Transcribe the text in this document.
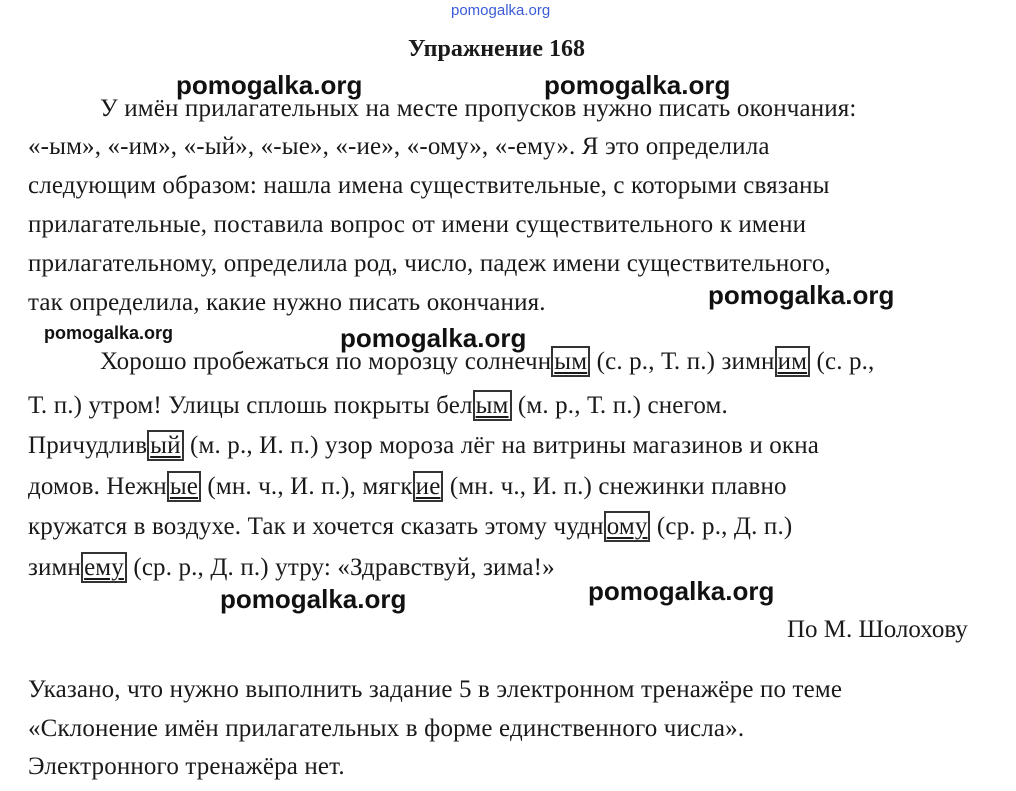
pomogalka.org
Упражнение 168
У имён прилагательных на месте пропусков нужно писать окончания:
«-ым», «-им», «-ый», «-ые», «-ие», «-ому», «-ему». Я это определила
следующим образом: нашла имена существительные, с которыми связаны
прилагательные, поставила вопрос от имени существительного к имени
прилагательному, определила род, число, падеж имени существительного,
так определила, какие нужно писать окончания.
Хорошо пробежаться по морозцу солнечн ым (с. р., Т. п.) зимн им (с. р.,
Т. п.) утром! Улицы сплошь покрыты бел ым (м. р., Т. п.) снегом.
Причудлив ый (м. р., И. п.) узор мороза лёг на витрины магазинов и окна
домов. Нежн ые (мн. ч., И. п.), мягк ие (мн. ч., И. п.) снежинки плавно
кружатся в воздухе. Так и хочется сказать этому чудн ому (ср. р., Д. п.)
зимн ему (ср. р., Д. п.) утру: «Здравствуй, зима!»
По М. Шолохову
Указано, что нужно выполнить задание 5 в электронном тренажёре по теме
«Склонение имён прилагательных в форме единственного числа».
Электронного тренажёра нет.
pomogalka.org	pomogalka.org
pomogalka.org
pomogalka.org	pomogalka.org
pomogalka.org	pomogalka.org
